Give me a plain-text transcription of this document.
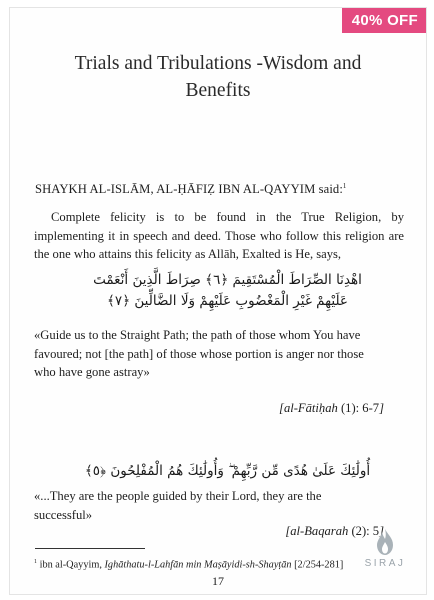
40% OFF
Trials and Tribulations -Wisdom and
Benefits
SHAYKH AL-ISLĀM, AL-ḤĀFIẒ IBN AL-QAYYIM said:$^1$
Complete felicity is to be found in the True Religion, by implementing it in speech and deed. Those who follow this religion are the one who attains this felicity as Allāh, Exalted is He, says,
اهْدِنَا الصِّرَاطَ الْمُسْتَقِيمَ ﴿٦﴾ صِرَاطَ الَّذِينَ أَنْعَمْتَ
عَلَيْهِمْ غَيْرِ الْمَغْضُوبِ عَلَيْهِمْ وَلَا الضَّالِّينَ ﴿٧﴾
«Guide us to the Straight Path; the path of those whom You have favoured; not [the path] of those whose portion is anger nor those who have gone astray»
[al-Fātiḥah (1): 6-7]
أُولَٰئِكَ عَلَىٰ هُدًى مِّن رَّبِّهِمْ ۖ وَأُولَٰئِكَ هُمُ الْمُفْلِحُونَ ﴿٥﴾
«...They are the people guided by their Lord, they are the successful»
[al-Baqarah (2): 5]
$^1$ ibn al-Qayyim, Ighāthatu-l-Lahfān min Maṣāyidi-sh-Shayṭān [2/254-281]
17
SIRAJ
